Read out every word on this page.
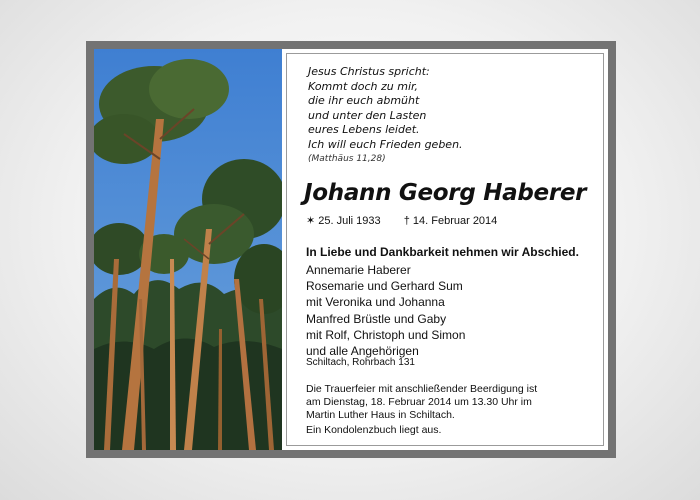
Jesus Christus spricht:
Kommt doch zu mir,
die ihr euch abmüht
und unter den Lasten
eures Lebens leidet.
Ich will euch Frieden geben.
(Matthäus 11,28)
Johann Georg Haberer
✶ 25. Juli 1933 † 14. Februar 2014
In Liebe und Dankbarkeit nehmen wir Abschied.
Annemarie Haberer
Rosemarie und Gerhard Sum
mit Veronika und Johanna
Manfred Brüstle und Gaby
mit Rolf, Christoph und Simon
und alle Angehörigen
Schiltach, Rohrbach 131
Die Trauerfeier mit anschließender Beerdigung ist
am Dienstag, 18. Februar 2014 um 13.30 Uhr im
Martin Luther Haus in Schiltach.
Ein Kondolenzbuch liegt aus.
